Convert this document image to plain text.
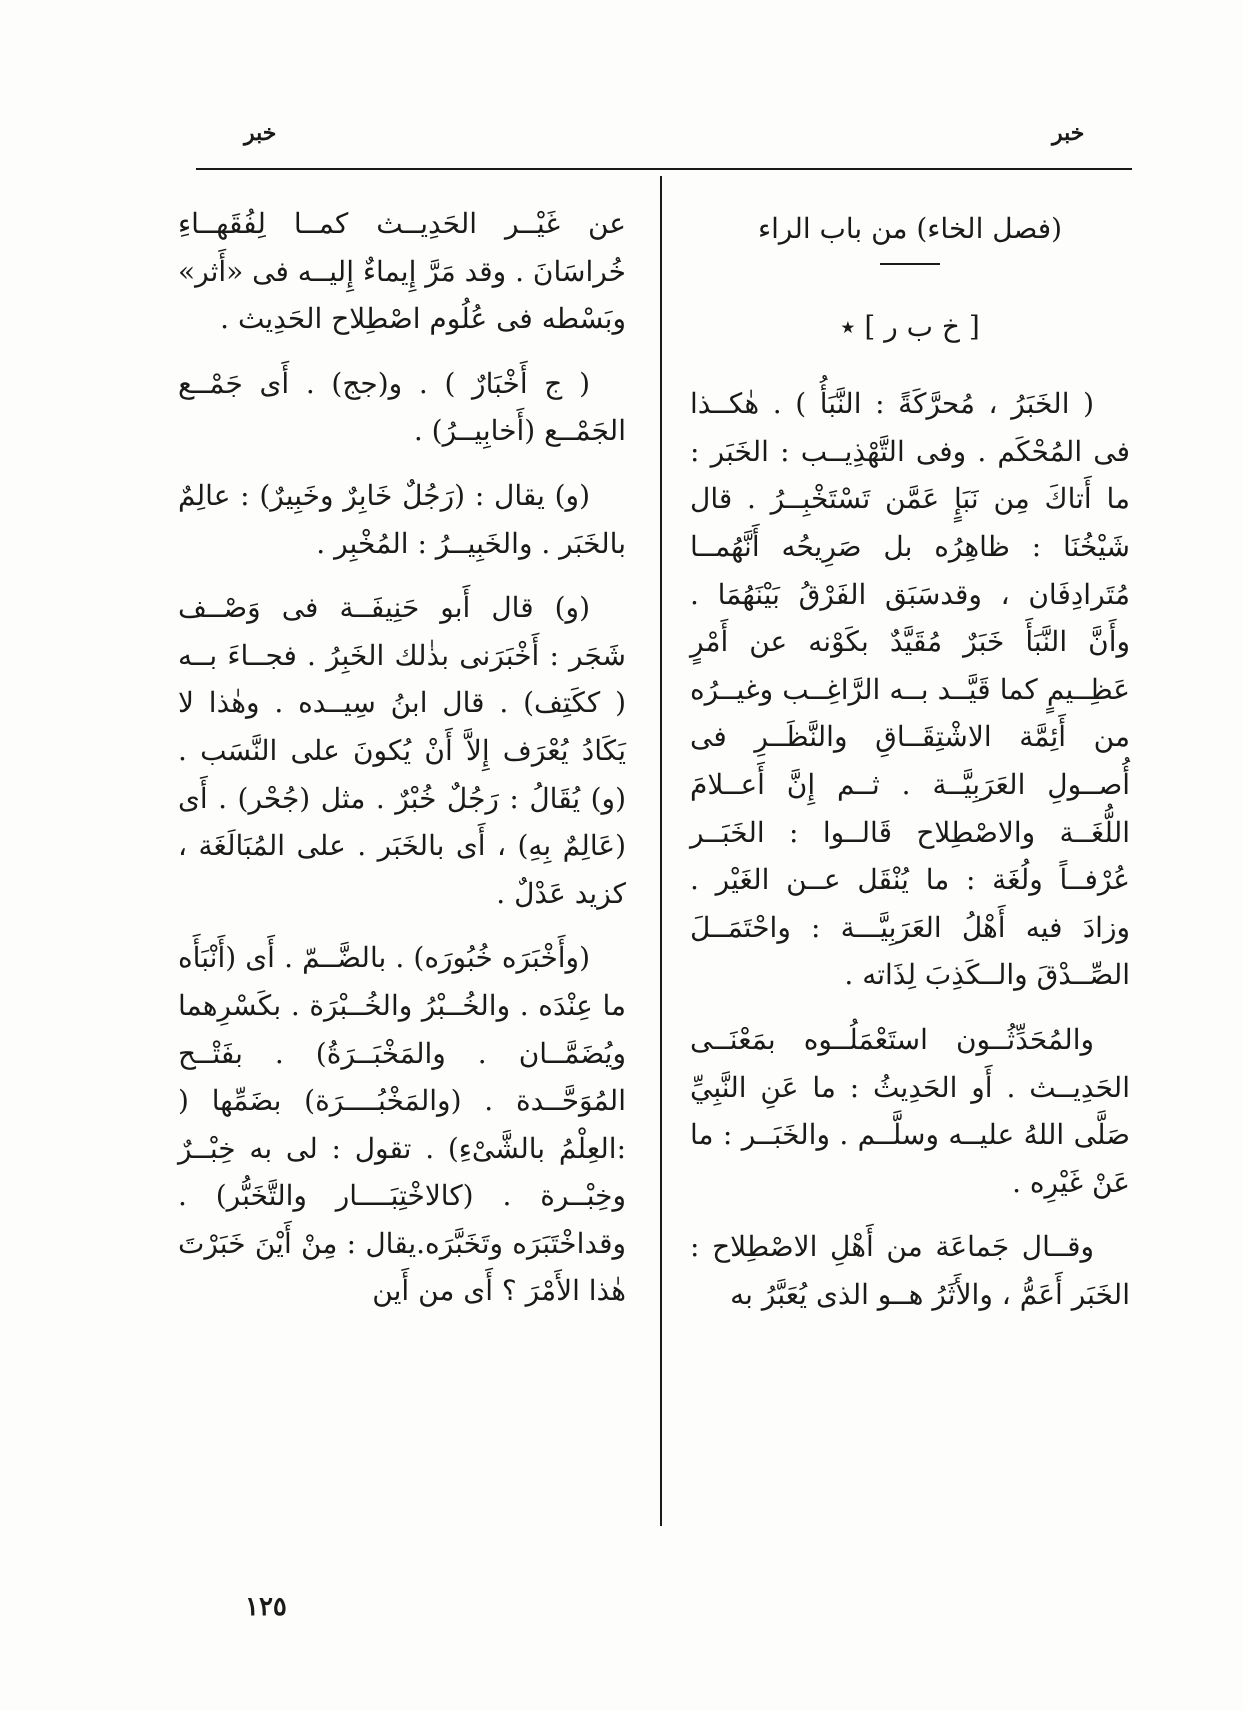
خبر
خبر
(فصل الخاء) من باب الراء
[ خ ب ر ] ٭

( الخَبَرُ ، مُحرَّكَةً : النَّبَأُ ) . هٰكــذا فى المُحْكَم . وفى التَّهْذِيــب : الخَبَر : ما أَتاكَ مِن نَبَإٍ عَمَّن تَسْتَخْبِــرُ . قال شَيْخُنَا : ظاهِرُه بل صَرِيحُه أَنَّهُمــا مُتَرادِفَان ، وقدسَبَق الفَرْقُ بَيْنَهُمَا . وأَنَّ النَّبَأَ خَبَرٌ مُقَيَّدٌ بكَوْنه عن أَمْرٍ عَظِــيمٍ كما قَيَّــد بــه الرَّاغِــب وغيــرُه من أَئِمَّة الاشْتِقَــاقِ والنَّظَــرِ فى أُصــولِ العَرَبِيَّــة . ثــم إِنَّ أَعــلامَ اللُّغَــة والاصْطِلاح قَالــوا : الخَبَــر عُرْفــاً ولُغَة : ما يُنْقَل عــن الغَيْر . وزادَ فيه أَهْلُ العَرَبِيَّـــة : واحْتَمَــلَ الصِّــدْقَ والــكَذِبَ لِذَاته .

والمُحَدِّثُــون استَعْمَلُــوه بمَعْنَــى الحَدِيــث . أَو الحَدِيثُ : ما عَنِ النَّبِيِّ صَلَّى اللهُ عليــه وسلَّــم . والخَبَــر : ما عَنْ غَيْرِه .

وقــال جَماعَة من أَهْلِ الاصْطِلاح : الخَبَر أَعَمُّ ، والأَثَرُ هــو الذى يُعَبَّرُ به

عن غَيْــر الحَدِيــث كمــا لِفُقَهــاءِ خُراسَانَ . وقد مَرَّ إِيماءٌ إِليــه فى «أَثر» وبَسْطه فى عُلُوم اصْطِلاح الحَدِيث .

( ج أَخْبَارٌ ) . و(جج) . أَى جَمْــع الجَمْــع (أَخابِيــرُ) .

(و) يقال : (رَجُلٌ خَابِرٌ وخَبِيرٌ) : عالِمٌ بالخَبَر . والخَبِيــرُ : المُخْبِر .

(و) قال أَبو حَنِيفَــة فى وَصْــف شَجَر : أَخْبَرَنى بذٰلك الخَبِرُ . فجــاءَ بــه ( ككَتِف) . قال ابنُ سِيــده . وهٰذا لا يَكَادُ يُعْرَف إِلاَّ أَنْ يُكونَ على النَّسَب . (و) يُقَالُ : رَجُلٌ خُبْرٌ . مثل (جُحْر) . أَى (عَالِمٌ بِهِ) ، أَى بالخَبَر . على المُبَالَغَة ، كزيد عَدْلٌ .

(وأَخْبَرَه خُبُورَه) . بالضَّــمّ . أَى (أَنْبَأَه ما عِنْدَه . والخُــبْرُ والخُــبْرَة . بكَسْرِهما ويُضَمَّــان . والمَخْبَــرَةُ) . بفَتْــح المُوَحَّــدة . (والمَخْبُــــرَة) بضَمِّها ( :العِلْمُ بالشَّىْءِ) . تقول : لى به خِبْــرٌ وخِبْــرة . (كالاخْتِبَــــار والتَّخَبُّر) . وقداخْتَبَرَه وتَخَبَّرَه.يقال : مِنْ أَيْنَ خَبَرْتَ هٰذا الأَمْرَ ؟ أَى من أَين

١٢٥
